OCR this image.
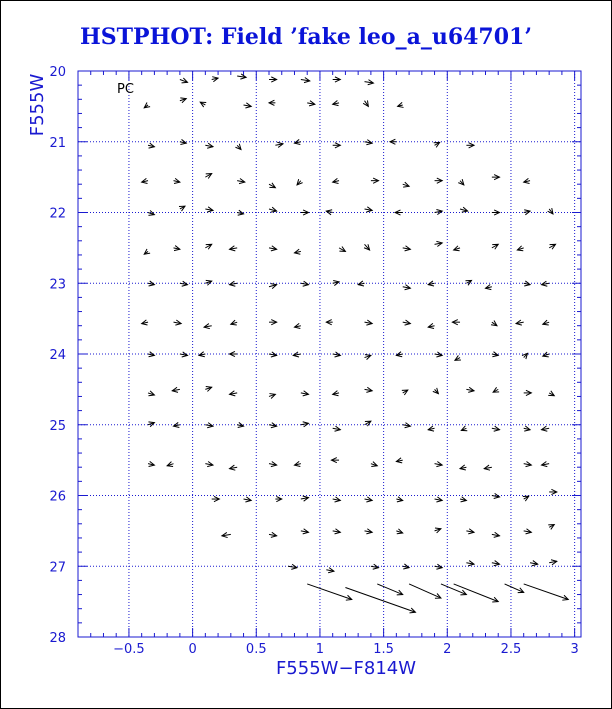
HSTPHOT: Field ’fake leo_a_u64701’
−0.5	0	0.5	1	1.5	2	2.5	3
20
21
22
23
24
25
26
27
28
PC
F555W−F814W
F555W
